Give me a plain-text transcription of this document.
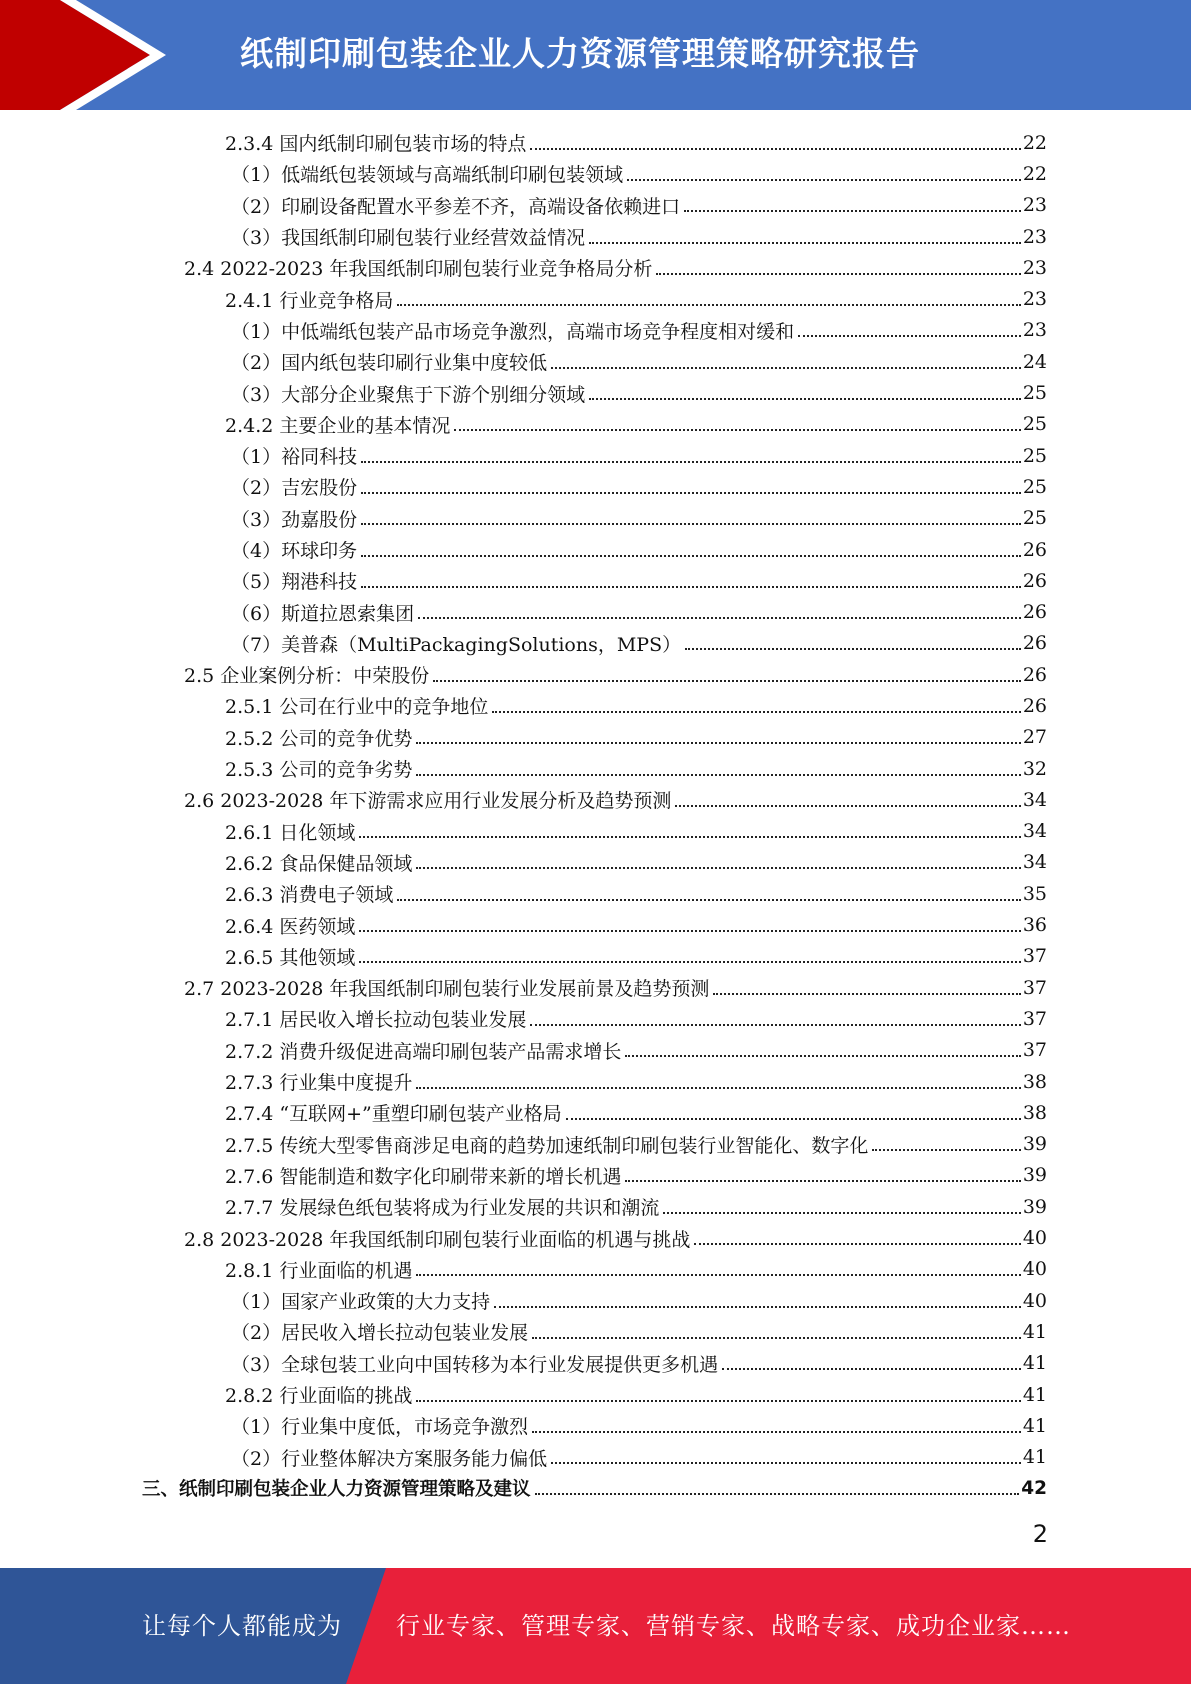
纸制印刷包装企业人力资源管理策略研究报告
2.3.4 国内纸制印刷包装市场的特点	22
（1）低端纸包装领域与高端纸制印刷包装领域	22
（2）印刷设备配置水平参差不齐，高端设备依赖进口	23
（3）我国纸制印刷包装行业经营效益情况	23
2.4 2022-2023 年我国纸制印刷包装行业竞争格局分析	23
2.4.1 行业竞争格局	23
（1）中低端纸包装产品市场竞争激烈，高端市场竞争程度相对缓和	23
（2）国内纸包装印刷行业集中度较低	24
（3）大部分企业聚焦于下游个别细分领域	25
2.4.2 主要企业的基本情况	25
（1）裕同科技	25
（2）吉宏股份	25
（3）劲嘉股份	25
（4）环球印务	26
（5）翔港科技	26
（6）斯道拉恩索集团	26
（7）美普森（MultiPackagingSolutions，MPS）	26
2.5 企业案例分析：中荣股份	26
2.5.1 公司在行业中的竞争地位	26
2.5.2 公司的竞争优势	27
2.5.3 公司的竞争劣势	32
2.6 2023-2028 年下游需求应用行业发展分析及趋势预测	34
2.6.1 日化领域	34
2.6.2 食品保健品领域	34
2.6.3 消费电子领域	35
2.6.4 医药领域	36
2.6.5 其他领域	37
2.7 2023-2028 年我国纸制印刷包装行业发展前景及趋势预测	37
2.7.1 居民收入增长拉动包装业发展	37
2.7.2 消费升级促进高端印刷包装产品需求增长	37
2.7.3 行业集中度提升	38
2.7.4 “互联网+”重塑印刷包装产业格局	38
2.7.5 传统大型零售商涉足电商的趋势加速纸制印刷包装行业智能化、数字化	39
2.7.6 智能制造和数字化印刷带来新的增长机遇	39
2.7.7 发展绿色纸包装将成为行业发展的共识和潮流	39
2.8 2023-2028 年我国纸制印刷包装行业面临的机遇与挑战	40
2.8.1 行业面临的机遇	40
（1）国家产业政策的大力支持	40
（2）居民收入增长拉动包装业发展	41
（3）全球包装工业向中国转移为本行业发展提供更多机遇	41
2.8.2 行业面临的挑战	41
（1）行业集中度低，市场竞争激烈	41
（2）行业整体解决方案服务能力偏低	41
三、纸制印刷包装企业人力资源管理策略及建议	42
2
让每个人都能成为 行业专家、管理专家、营销专家、战略专家、成功企业家……
